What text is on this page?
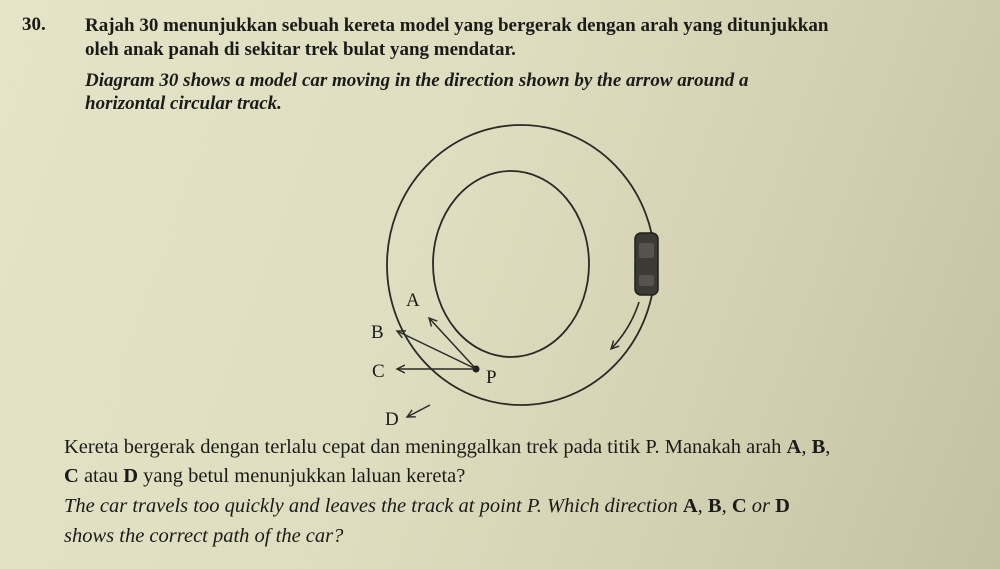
30. Rajah 30 menunjukkan sebuah kereta model yang bergerak dengan arah yang ditunjukkan

oleh anak panah di sekitar trek bulat yang mendatar.

Diagram 30 shows a model car moving in the direction shown by the arrow around a

horizontal circular track.

A
B
C
D
P

Kereta bergerak dengan terlalu cepat dan meninggalkan trek pada titik P. Manakah arah A, B,

C atau D yang betul menunjukkan laluan kereta?

The car travels too quickly and leaves the track at point P. Which direction A, B, C or D

shows the correct path of the car?
